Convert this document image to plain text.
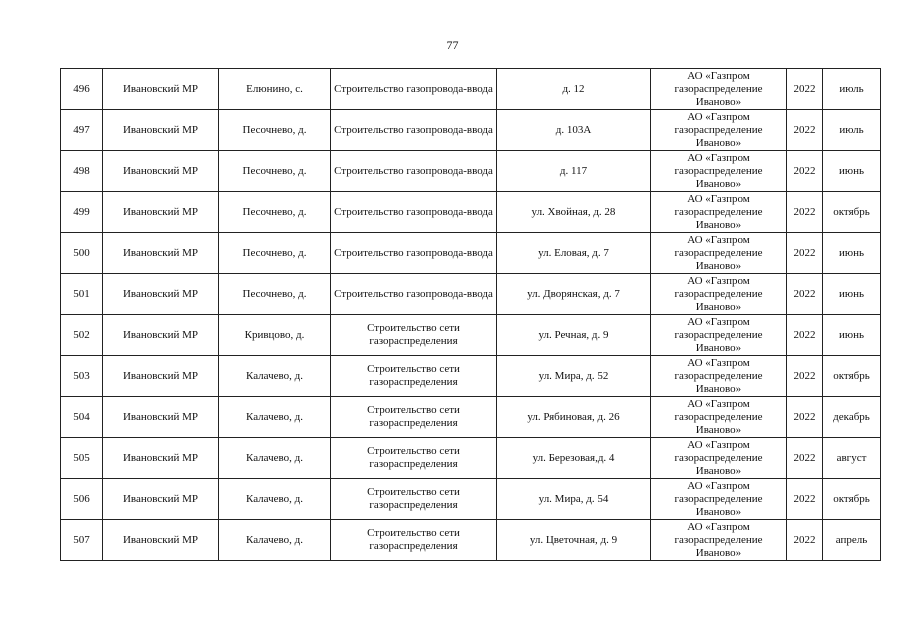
77
496	Ивановский МР	Елюнино, с.	Строительство газопровода-ввода	д. 12	АО «Газпром газораспределение Иваново»	2022	июль
497	Ивановский МР	Песочнево, д.	Строительство газопровода-ввода	д. 103А	АО «Газпром газораспределение Иваново»	2022	июль
498	Ивановский МР	Песочнево, д.	Строительство газопровода-ввода	д. 117	АО «Газпром газораспределение Иваново»	2022	июнь
499	Ивановский МР	Песочнево, д.	Строительство газопровода-ввода	ул. Хвойная, д. 28	АО «Газпром газораспределение Иваново»	2022	октябрь
500	Ивановский МР	Песочнево, д.	Строительство газопровода-ввода	ул. Еловая, д. 7	АО «Газпром газораспределение Иваново»	2022	июнь
501	Ивановский МР	Песочнево, д.	Строительство газопровода-ввода	ул. Дворянская, д. 7	АО «Газпром газораспределение Иваново»	2022	июнь
502	Ивановский МР	Кривцово, д.	Строительство сети газораспределения	ул. Речная, д. 9	АО «Газпром газораспределение Иваново»	2022	июнь
503	Ивановский МР	Калачево, д.	Строительство сети газораспределения	ул. Мира, д. 52	АО «Газпром газораспределение Иваново»	2022	октябрь
504	Ивановский МР	Калачево, д.	Строительство сети газораспределения	ул. Рябиновая, д. 26	АО «Газпром газораспределение Иваново»	2022	декабрь
505	Ивановский МР	Калачево, д.	Строительство сети газораспределения	ул. Березовая,д. 4	АО «Газпром газораспределение Иваново»	2022	август
506	Ивановский МР	Калачево, д.	Строительство сети газораспределения	ул. Мира, д. 54	АО «Газпром газораспределение Иваново»	2022	октябрь
507	Ивановский МР	Калачево, д.	Строительство сети газораспределения	ул. Цветочная, д. 9	АО «Газпром газораспределение Иваново»	2022	апрель
